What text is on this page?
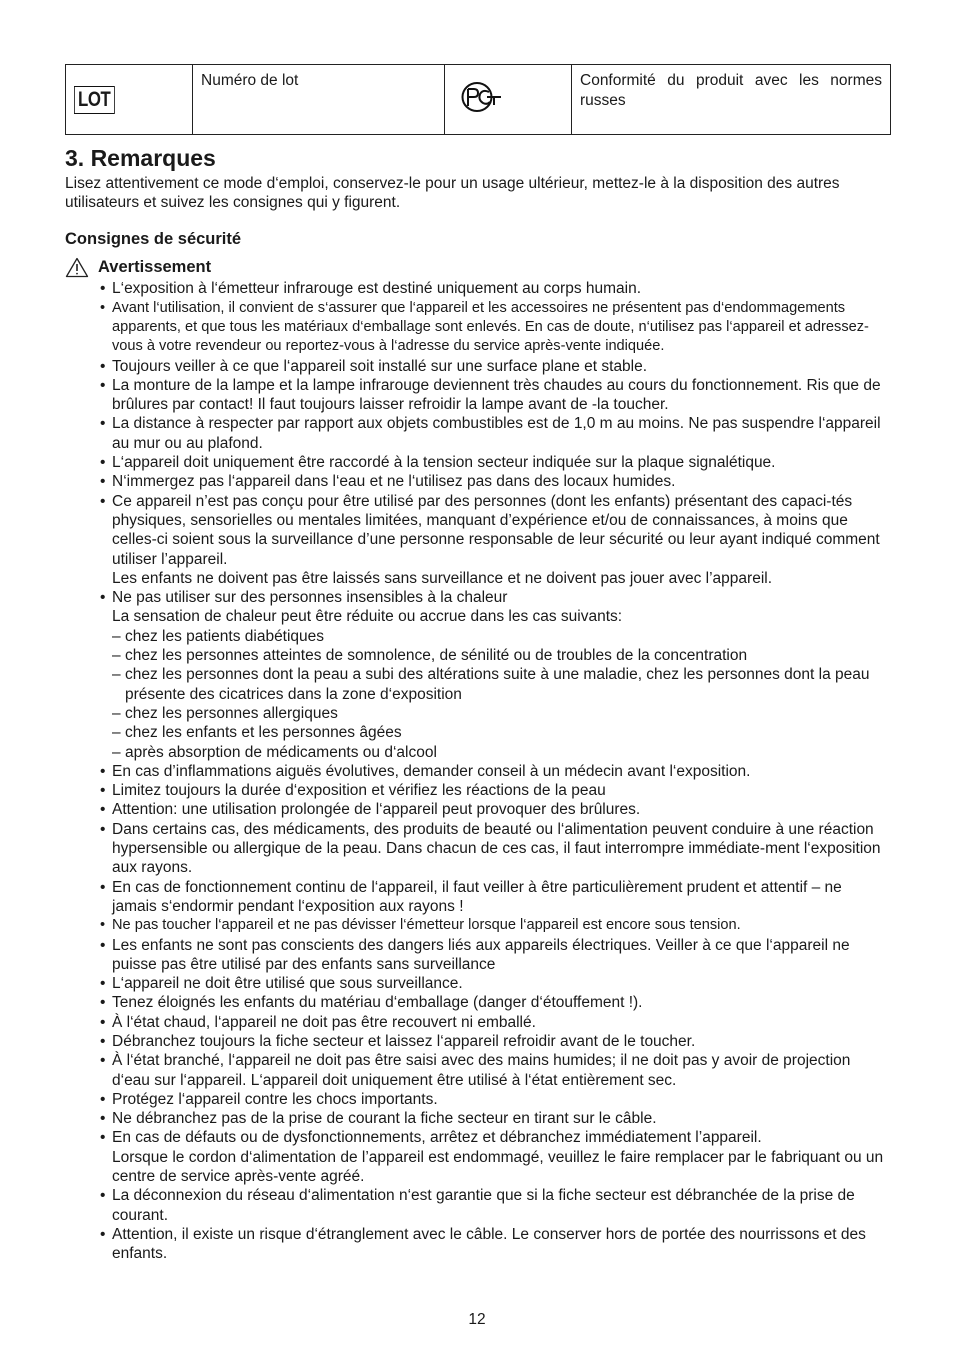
LOT	Numéro de lot		Conformité du produit avec les normes russes
3. Remarques

Lisez attentivement ce mode d‘emploi, conservez-le pour un usage ultérieur, mettez-le à la disposition des autres utilisateurs et suivez les consignes qui y figurent.

Consignes de sécurité
Avertissement
• L‘exposition à l‘émetteur infrarouge est destiné uniquement au corps humain.
• Avant l‘utilisation, il convient de s‘assurer que l‘appareil et les accessoires ne présentent pas d‘endommagements apparents, et que tous les matériaux d‘emballage sont enlevés. En cas de doute, n‘utilisez pas l‘appareil et adressez-vous à votre revendeur ou reportez-vous à l‘adresse du service après-vente indiquée.
• Toujours veiller à ce que l‘appareil soit installé sur une surface plane et stable.
• La monture de la lampe et la lampe infrarouge deviennent très chaudes au cours du fonctionnement. Ris que de brûlures par contact! Il faut toujours laisser refroidir la lampe avant de -la toucher.
• La distance à respecter par rapport aux objets combustibles est de 1,0 m au moins. Ne pas suspendre l‘appareil au mur ou au plafond.
• L‘appareil doit uniquement être raccordé à la tension secteur indiquée sur la plaque signalétique.
• N‘immergez pas l‘appareil dans l‘eau et ne l‘utilisez pas dans des locaux humides.
• Ce appareil n’est pas conçu pour être utilisé par des personnes (dont les enfants) présentant des capaci-tés physiques, sensorielles ou mentales limitées, manquant d’expérience et/ou de connaissances, à moins que celles-ci soient sous la surveillance d’une personne responsable de leur sécurité ou leur ayant indiqué comment utiliser l’appareil.
Les enfants ne doivent pas être laissés sans surveillance et ne doivent pas jouer avec l’appareil.
• Ne pas utiliser sur des personnes insensibles à la chaleur
La sensation de chaleur peut être réduite ou accrue dans les cas suivants:
– chez les patients diabétiques
– chez les personnes atteintes de somnolence, de sénilité ou de troubles de la concentration
– chez les personnes dont la peau a subi des altérations suite à une maladie, chez les personnes dont la peau présente des cicatrices dans la zone d‘exposition
– chez les personnes allergiques
– chez les enfants et les personnes âgées
– après absorption de médicaments ou d‘alcool
• En cas d’inflammations aiguës évolutives, demander conseil à un médecin avant l‘exposition.
• Limitez toujours la durée d‘exposition et vérifiez les réactions de la peau
• Attention: une utilisation prolongée de l‘appareil peut provoquer des brûlures.
• Dans certains cas, des médicaments, des produits de beauté ou l‘alimentation peuvent conduire à une réaction hypersensible ou allergique de la peau. Dans chacun de ces cas, il faut interrompre immédiate-ment l‘exposition aux rayons.
• En cas de fonctionnement continu de l‘appareil, il faut veiller à être particulièrement prudent et attentif – ne jamais s‘endormir pendant l‘exposition aux rayons !
• Ne pas toucher l‘appareil et ne pas dévisser l‘émetteur lorsque l‘appareil est encore sous tension.
• Les enfants ne sont pas conscients des dangers liés aux appareils électriques. Veiller à ce que l‘appareil ne puisse pas être utilisé par des enfants sans surveillance
• L‘appareil ne doit être utilisé que sous surveillance.
• Tenez éloignés les enfants du matériau d‘emballage (danger d‘étouffement !).
• À l‘état chaud, l‘appareil ne doit pas être recouvert ni emballé.
• Débranchez toujours la fiche secteur et laissez l‘appareil refroidir avant de le toucher.
• À l‘état branché, l‘appareil ne doit pas être saisi avec des mains humides; il ne doit pas y avoir de projection d‘eau sur l‘appareil. L‘appareil doit uniquement être utilisé à l‘état entièrement sec.
• Protégez l‘appareil contre les chocs importants.
• Ne débranchez pas de la prise de courant la fiche secteur en tirant sur le câble.
• En cas de défauts ou de dysfonctionnements, arrêtez et débranchez immédiatement l’appareil.
Lorsque le cordon d‘alimentation de l’appareil est endommagé, veuillez le faire remplacer par le fabriquant ou un centre de service après-vente agréé.
• La déconnexion du réseau d‘alimentation n‘est garantie que si la fiche secteur est débranchée de la prise de courant.
• Attention, il existe un risque d‘étranglement avec le câble. Le conserver hors de portée des nourrissons et des enfants.
12
